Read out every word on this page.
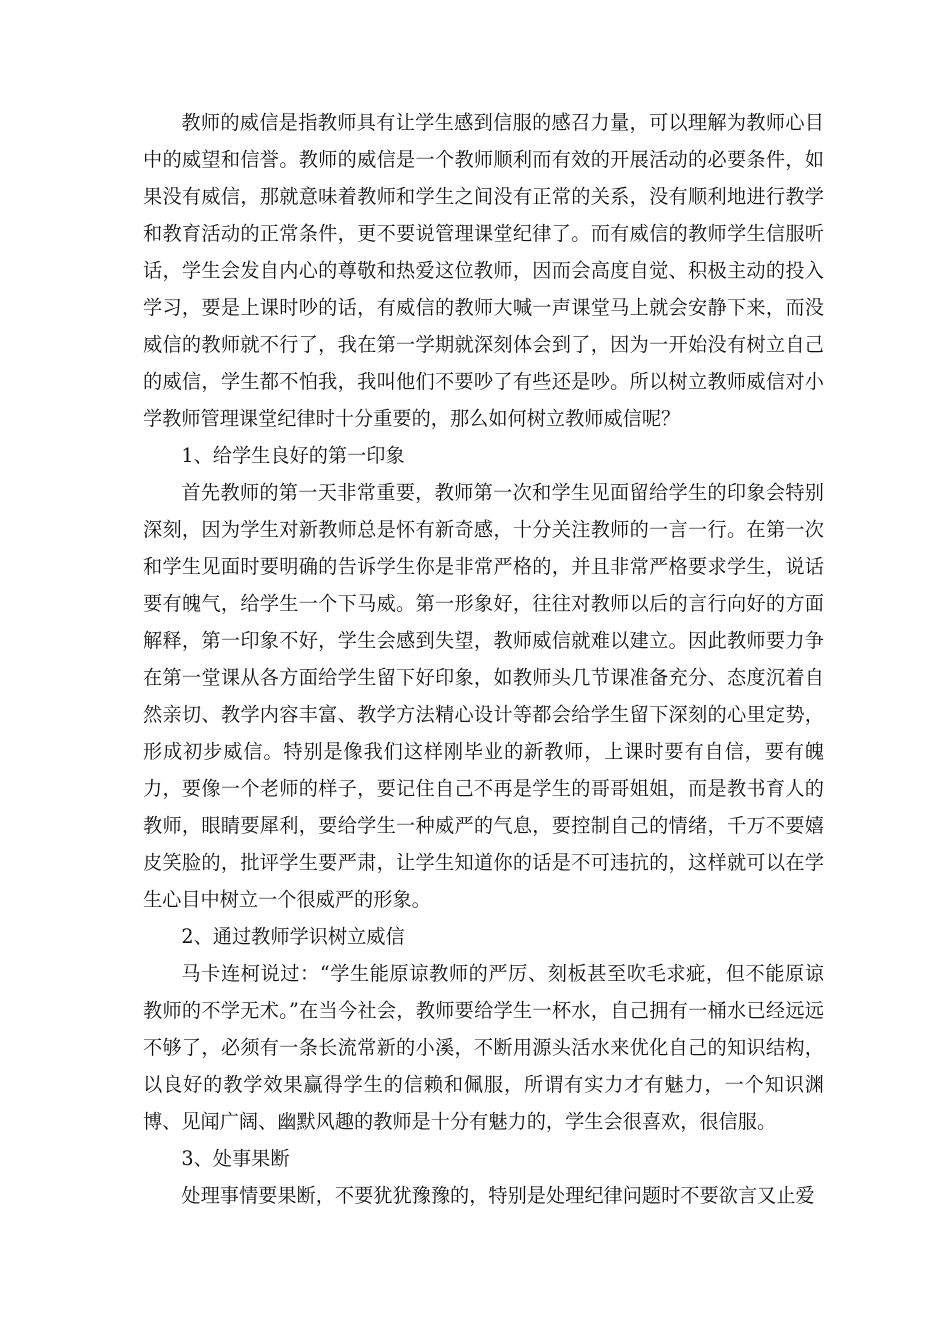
教师的威信是指教师具有让学生感到信服的感召力量，可以理解为教师心目中的威望和信誉。教师的威信是一个教师顺利而有效的开展活动的必要条件，如果没有威信，那就意味着教师和学生之间没有正常的关系，没有顺利地进行教学和教育活动的正常条件，更不要说管理课堂纪律了。而有威信的教师学生信服听话，学生会发自内心的尊敬和热爱这位教师，因而会高度自觉、积极主动的投入学习，要是上课时吵的话，有威信的教师大喊一声课堂马上就会安静下来，而没威信的教师就不行了，我在第一学期就深刻体会到了，因为一开始没有树立自己的威信，学生都不怕我，我叫他们不要吵了有些还是吵。所以树立教师威信对小学教师管理课堂纪律时十分重要的，那么如何树立教师威信呢？

1、给学生良好的第一印象

首先教师的第一天非常重要，教师第一次和学生见面留给学生的印象会特别深刻，因为学生对新教师总是怀有新奇感，十分关注教师的一言一行。在第一次和学生见面时要明确的告诉学生你是非常严格的，并且非常严格要求学生，说话要有魄气，给学生一个下马威。第一形象好，往往对教师以后的言行向好的方面解释，第一印象不好，学生会感到失望，教师威信就难以建立。因此教师要力争在第一堂课从各方面给学生留下好印象，如教师头几节课准备充分、态度沉着自然亲切、教学内容丰富、教学方法精心设计等都会给学生留下深刻的心里定势，形成初步威信。特别是像我们这样刚毕业的新教师，上课时要有自信，要有魄力，要像一个老师的样子，要记住自己不再是学生的哥哥姐姐，而是教书育人的教师，眼睛要犀利，要给学生一种威严的气息，要控制自己的情绪，千万不要嬉皮笑脸的，批评学生要严肃，让学生知道你的话是不可违抗的，这样就可以在学生心目中树立一个很威严的形象。

2、通过教师学识树立威信

马卡连柯说过：“学生能原谅教师的严厉、刻板甚至吹毛求疵，但不能原谅教师的不学无术。”在当今社会，教师要给学生一杯水，自己拥有一桶水已经远远不够了，必须有一条长流常新的小溪，不断用源头活水来优化自己的知识结构，以良好的教学效果赢得学生的信赖和佩服，所谓有实力才有魅力，一个知识渊博、见闻广阔、幽默风趣的教师是十分有魅力的，学生会很喜欢，很信服。

3、处事果断

处理事情要果断，不要犹犹豫豫的，特别是处理纪律问题时不要欲言又止爱
